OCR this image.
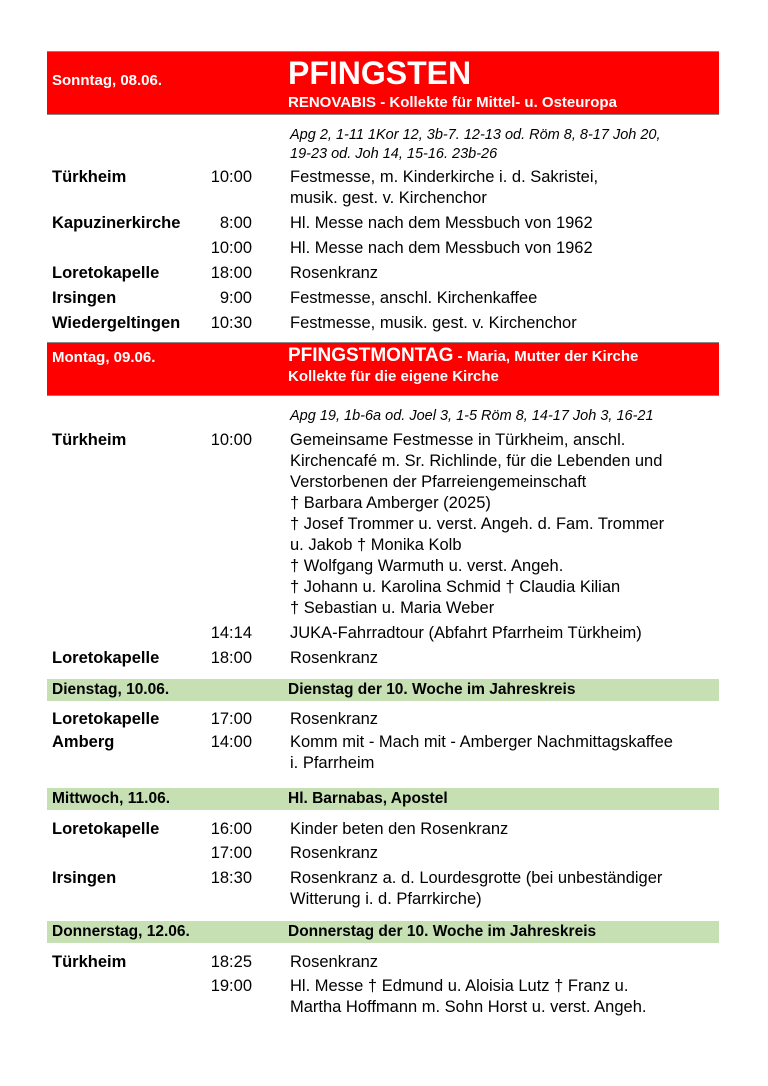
Sonntag, 08.06.	PFINGSTEN
RENOVABIS - Kollekte für Mittel- u. Osteuropa
Apg 2, 1-11 1Kor 12, 3b-7. 12-13 od. Röm 8, 8-17 Joh 20,
19-23 od. Joh 14, 15-16. 23b-26
Türkheim	10:00	Festmesse, m. Kinderkirche i. d. Sakristei,
musik. gest. v. Kirchenchor
Kapuzinerkirche	8:00	Hl. Messe nach dem Messbuch von 1962
10:00	Hl. Messe nach dem Messbuch von 1962
Loretokapelle	18:00	Rosenkranz
Irsingen	9:00	Festmesse, anschl. Kirchenkaffee
Wiedergeltingen	10:30	Festmesse, musik. gest. v. Kirchenchor
Montag, 09.06.	PFINGSTMONTAG - Maria, Mutter der Kirche
Kollekte für die eigene Kirche
Apg 19, 1b-6a od. Joel 3, 1-5 Röm 8, 14-17 Joh 3, 16-21
Türkheim	10:00	Gemeinsame Festmesse in Türkheim, anschl.
Kirchencafé m. Sr. Richlinde, für die Lebenden und
Verstorbenen der Pfarreiengemeinschaft
† Barbara Amberger (2025)
† Josef Trommer u. verst. Angeh. d. Fam. Trommer
u. Jakob † Monika Kolb
† Wolfgang Warmuth u. verst. Angeh.
† Johann u. Karolina Schmid † Claudia Kilian
† Sebastian u. Maria Weber
14:14	JUKA-Fahrradtour (Abfahrt Pfarrheim Türkheim)
Loretokapelle	18:00	Rosenkranz
Dienstag, 10.06.	Dienstag der 10. Woche im Jahreskreis
Loretokapelle	17:00	Rosenkranz
Amberg	14:00	Komm mit - Mach mit - Amberger Nachmittagskaffee
i. Pfarrheim
Mittwoch, 11.06.	Hl. Barnabas, Apostel
Loretokapelle	16:00	Kinder beten den Rosenkranz
17:00	Rosenkranz
Irsingen	18:30	Rosenkranz a. d. Lourdesgrotte (bei unbeständiger
Witterung i. d. Pfarrkirche)
Donnerstag, 12.06.	Donnerstag der 10. Woche im Jahreskreis
Türkheim	18:25	Rosenkranz
19:00	Hl. Messe † Edmund u. Aloisia Lutz † Franz u.
Martha Hoffmann m. Sohn Horst u. verst. Angeh.
